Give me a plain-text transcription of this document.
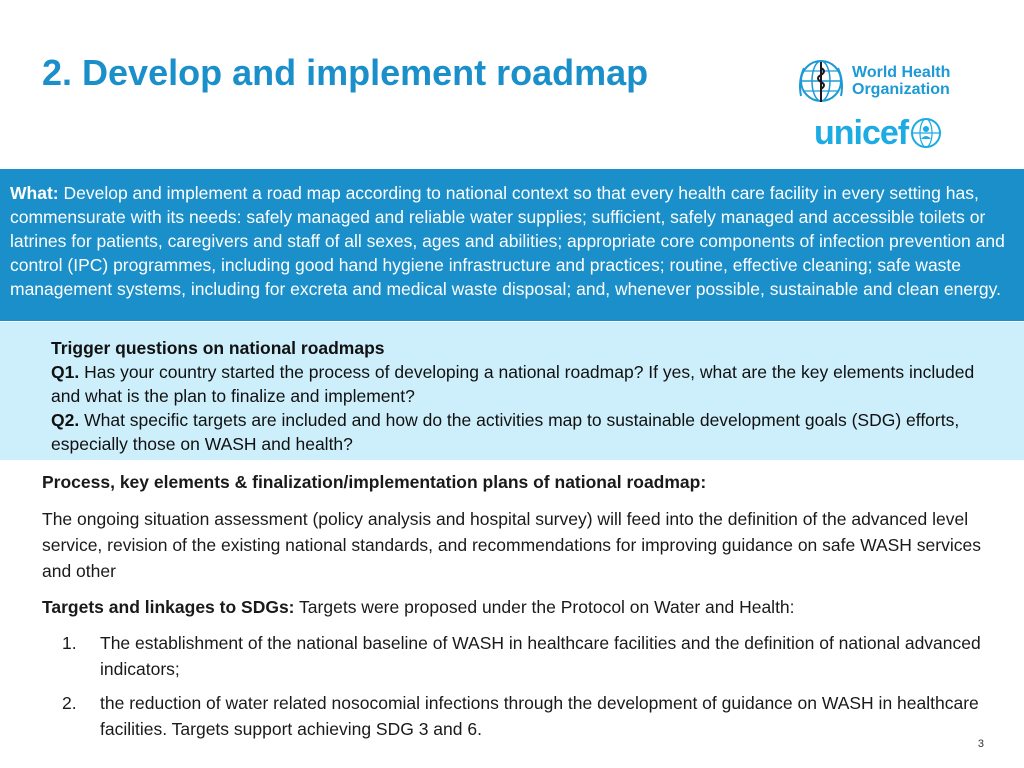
2. Develop and implement roadmap	World Health
Organization
unicef
What: Develop and implement a road map according to national context so that every health care facility in every setting has, commensurate with its needs: safely managed and reliable water supplies; sufficient, safely managed and accessible toilets or latrines for patients, caregivers and staff of all sexes, ages and abilities; appropriate core components of infection prevention and control (IPC) programmes, including good hand hygiene infrastructure and practices; routine, effective cleaning; safe waste management systems, including for excreta and medical waste disposal; and, whenever possible, sustainable and clean energy.
Trigger questions on national roadmaps
Q1. Has your country started the process of developing a national roadmap? If yes, what are the key elements included and what is the plan to finalize and implement?
Q2. What specific targets are included and how do the activities map to sustainable development goals (SDG) efforts, especially those on WASH and health?

Process, key elements & finalization/implementation plans of national roadmap:

The ongoing situation assessment (policy analysis and hospital survey) will feed into the definition of the advanced level service, revision of the existing national standards, and recommendations for improving guidance on safe WASH services and other

Targets and linkages to SDGs: Targets were proposed under the Protocol on Water and Health:

1.	The establishment of the national baseline of WASH in healthcare facilities and the definition of national advanced indicators;
2.	the reduction of water related nosocomial infections through the development of guidance on WASH in healthcare facilities. Targets support achieving SDG 3 and 6.
3
